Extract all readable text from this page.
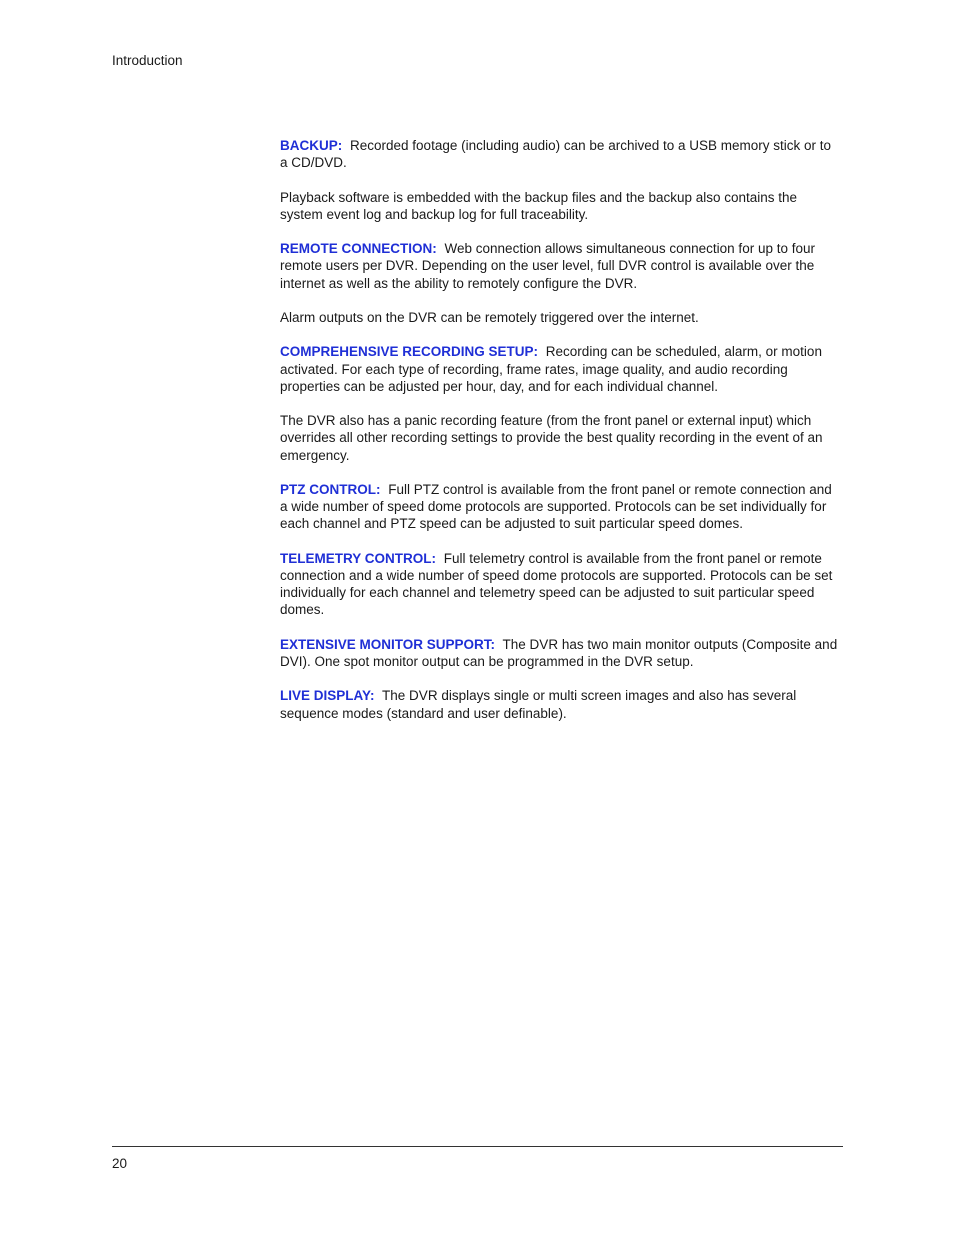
Introduction

BACKUP: Recorded footage (including audio) can be archived to a USB memory stick or to a CD/DVD.

Playback software is embedded with the backup files and the backup also contains the system event log and backup log for full traceability.

REMOTE CONNECTION: Web connection allows simultaneous connection for up to four remote users per DVR. Depending on the user level, full DVR control is available over the internet as well as the ability to remotely configure the DVR.

Alarm outputs on the DVR can be remotely triggered over the internet.

COMPREHENSIVE RECORDING SETUP: Recording can be scheduled, alarm, or motion activated. For each type of recording, frame rates, image quality, and audio recording properties can be adjusted per hour, day, and for each individual channel.

The DVR also has a panic recording feature (from the front panel or external input) which overrides all other recording settings to provide the best quality recording in the event of an emergency.

PTZ CONTROL: Full PTZ control is available from the front panel or remote connection and a wide number of speed dome protocols are supported. Protocols can be set individually for each channel and PTZ speed can be adjusted to suit particular speed domes.

TELEMETRY CONTROL: Full telemetry control is available from the front panel or remote connection and a wide number of speed dome protocols are supported. Protocols can be set individually for each channel and telemetry speed can be adjusted to suit particular speed domes.

EXTENSIVE MONITOR SUPPORT: The DVR has two main monitor outputs (Composite and DVI). One spot monitor output can be programmed in the DVR setup.

LIVE DISPLAY: The DVR displays single or multi screen images and also has several sequence modes (standard and user definable).

20
